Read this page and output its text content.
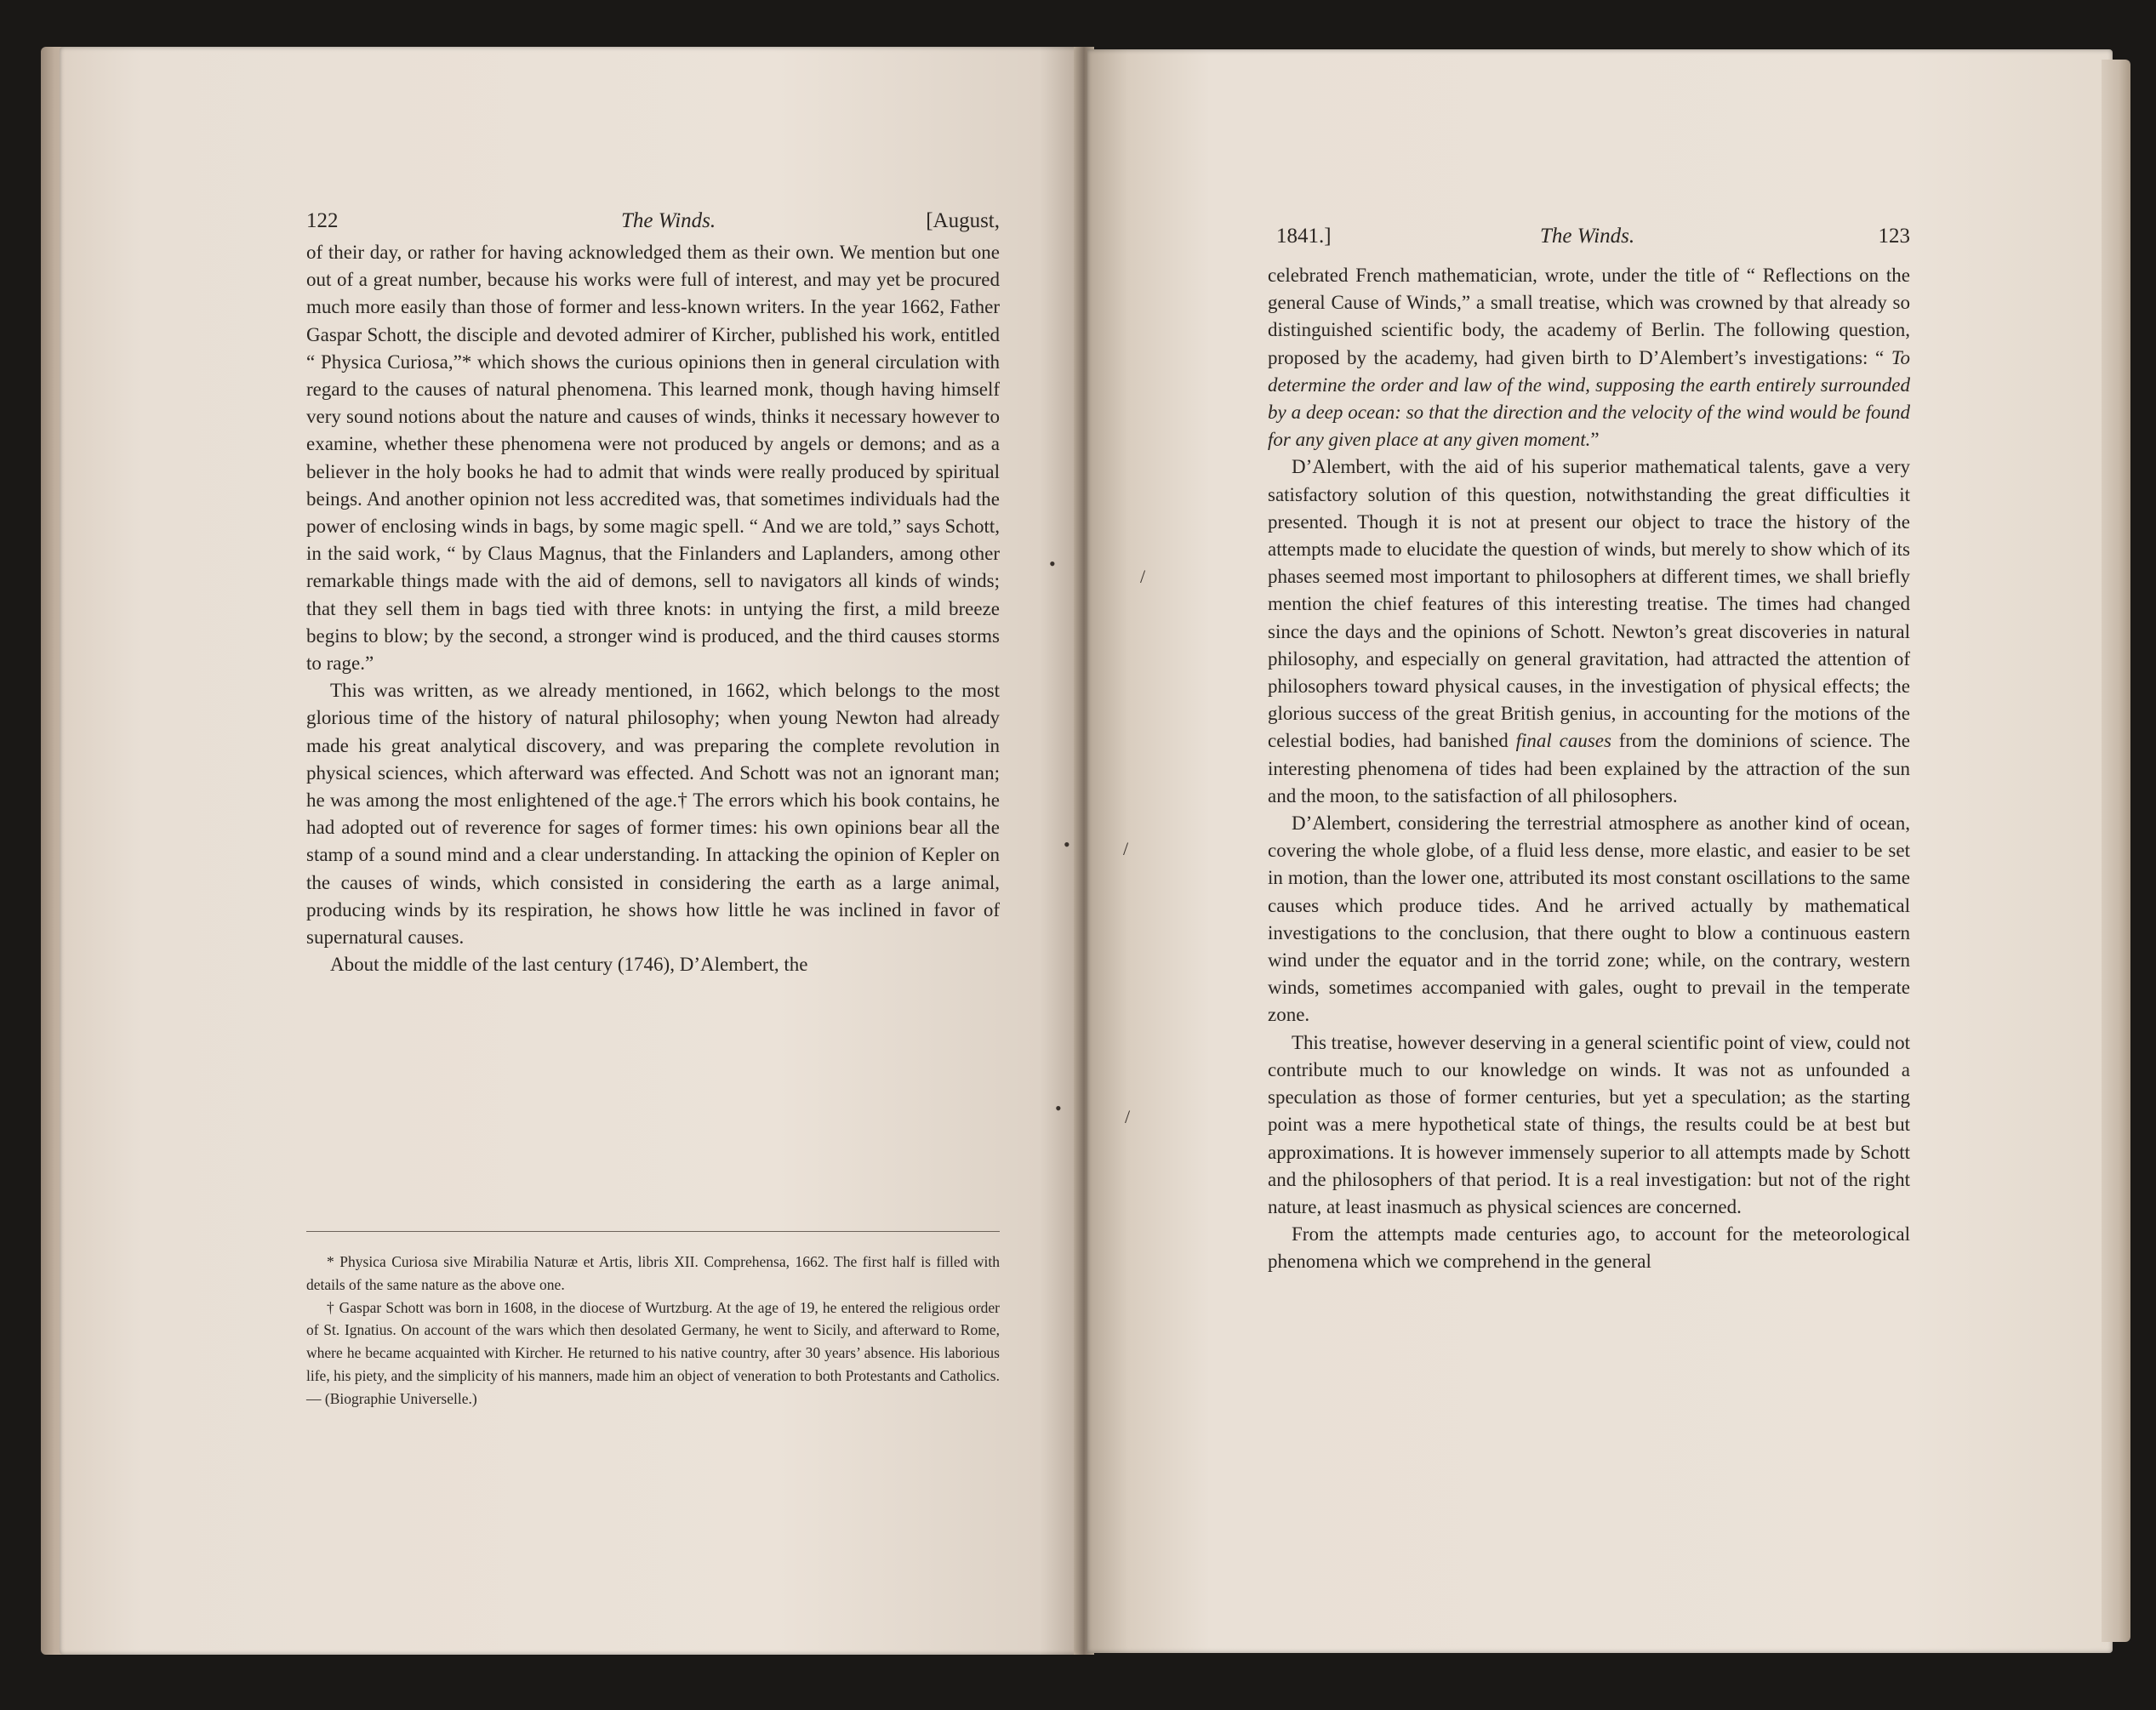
122	The Winds.	[August,

of their day, or rather for having acknowledged them as their own. We mention but one out of a great number, because his works were full of interest, and may yet be procured much more easily than those of former and less-known writers. In the year 1662, Father Gaspar Schott, the disciple and devoted admirer of Kircher, published his work, entitled “ Physica Curiosa,”* which shows the curious opinions then in general circulation with regard to the causes of natural phenomena. This learned monk, though having himself very sound notions about the nature and causes of winds, thinks it necessary however to examine, whether these phenomena were not produced by angels or demons; and as a believer in the holy books he had to admit that winds were really produced by spiritual beings. And another opinion not less accredited was, that sometimes individuals had the power of enclosing winds in bags, by some magic spell. “ And we are told,” says Schott, in the said work, “ by Claus Magnus, that the Finlanders and Laplanders, among other remarkable things made with the aid of demons, sell to navigators all kinds of winds; that they sell them in bags tied with three knots: in untying the first, a mild breeze begins to blow; by the second, a stronger wind is produced, and the third causes storms to rage.”

This was written, as we already mentioned, in 1662, which belongs to the most glorious time of the history of natural philosophy; when young Newton had already made his great analytical discovery, and was preparing the complete revolution in physical sciences, which afterward was effected. And Schott was not an ignorant man; he was among the most enlightened of the age.† The errors which his book contains, he had adopted out of reverence for sages of former times: his own opinions bear all the stamp of a sound mind and a clear understanding. In attacking the opinion of Kepler on the causes of winds, which consisted in considering the earth as a large animal, producing winds by its respiration, he shows how little he was inclined in favor of supernatural causes.

About the middle of the last century (1746), D’Alembert, the

* Physica Curiosa sive Mirabilia Naturæ et Artis, libris XII. Comprehensa, 1662. The first half is filled with details of the same nature as the above one.

† Gaspar Schott was born in 1608, in the diocese of Wurtzburg. At the age of 19, he entered the religious order of St. Ignatius. On account of the wars which then desolated Germany, he went to Sicily, and afterward to Rome, where he became acquainted with Kircher. He returned to his native country, after 30 years’ absence. His laborious life, his piety, and the simplicity of his manners, made him an object of veneration to both Protestants and Catholics.— (Biographie Universelle.)

1841.]	The Winds.	123

celebrated French mathematician, wrote, under the title of “ Reflections on the general Cause of Winds,” a small treatise, which was crowned by that already so distinguished scientific body, the academy of Berlin. The following question, proposed by the academy, had given birth to D’Alembert’s investigations: “ To determine the order and law of the wind, supposing the earth entirely surrounded by a deep ocean: so that the direction and the velocity of the wind would be found for any given place at any given moment.”

D’Alembert, with the aid of his superior mathematical talents, gave a very satisfactory solution of this question, notwithstanding the great difficulties it presented. Though it is not at present our object to trace the history of the attempts made to elucidate the question of winds, but merely to show which of its phases seemed most important to philosophers at different times, we shall briefly mention the chief features of this interesting treatise. The times had changed since the days and the opinions of Schott. Newton’s great discoveries in natural philosophy, and especially on general gravitation, had attracted the attention of philosophers toward physical causes, in the investigation of physical effects; the glorious success of the great British genius, in accounting for the motions of the celestial bodies, had banished final causes from the dominions of science. The interesting phenomena of tides had been explained by the attraction of the sun and the moon, to the satisfaction of all philosophers.

D’Alembert, considering the terrestrial atmosphere as another kind of ocean, covering the whole globe, of a fluid less dense, more elastic, and easier to be set in motion, than the lower one, attributed its most constant oscillations to the same causes which produce tides. And he arrived actually by mathematical investigations to the conclusion, that there ought to blow a continuous eastern wind under the equator and in the torrid zone; while, on the contrary, western winds, sometimes accompanied with gales, ought to prevail in the temperate zone.

This treatise, however deserving in a general scientific point of view, could not contribute much to our knowledge on winds. It was not as unfounded a speculation as those of former centuries, but yet a speculation; as the starting point was a mere hypothetical state of things, the results could be at best but approximations. It is however immensely superior to all attempts made by Schott and the philosophers of that period. It is a real investigation: but not of the right nature, at least inasmuch as physical sciences are concerned.

From the attempts made centuries ago, to account for the meteorological phenomena which we comprehend in the general

•
/
•	/
•	/
